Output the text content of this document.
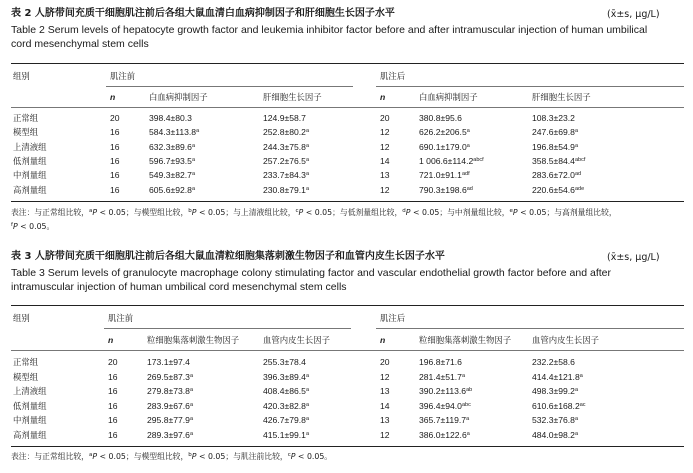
表 2 人脐带间充质干细胞肌注前后各组大鼠血清白血病抑制因子和肝细胞生长因子水平	(x̄±s, μg/L)
Table 2 Serum levels of hepatocyte growth factor and leukemia inhibitor factor before and after intramuscular injection of human umbilical
cord mesenchymal stem cells
组别	肌注前	肌注后
n	白血病抑制因子	肝细胞生长因子	n	白血病抑制因子	肝细胞生长因子
正常组	20	398.4±80.3	124.9±58.7	20	380.8±95.6	108.3±23.2
模型组	16	584.3±113.8$^a$	252.8±80.2$^a$	12	626.2±206.5$^a$	247.6±69.8$^a$
上清液组	16	632.3±89.6$^a$	244.3±75.8$^a$	12	690.1±179.0$^a$	196.8±54.9$^a$
低剂量组	16	596.7±93.5$^a$	257.2±76.5$^a$	14	1 $006.6\pm 114.2^{abcf}$	$358.5\pm 84.4^{abcf}$
中剂量组	16	549.3±82.7$^a$	233.7±84.3$^a$	13	721.0±91.1$^{adf}$	283.6±72.0$^{ad}$
高剂量组	16	605.6±92.8$^a$	230.8±79.1$^a$	12	790.3±198.6$^{ad}$	220.6±54.6$^{ade}$
表注：与正常组比较，$^a$P < 0.05；与模型组比较，$^b$P < 0.05；与上清液组比较，$^c$P < 0.05；与低剂量组比较，$^d$P < 0.05；与中剂量组比较，$^e$P < 0.05；与高剂量组比较，
$^f$P < 0.05。
表 3 人脐带间充质干细胞肌注前后各组大鼠血清粒细胞集落刺激生物因子和血管内皮生长因子水平	(x̄±s, μg/L)
Table 3 Serum levels of granulocyte macrophage colony stimulating factor and vascular endothelial growth factor before and after
intramuscular injection of human umbilical cord mesenchymal stem cells
组别	肌注前	肌注后
n	粒细胞集落刺激生物因子	血管内皮生长因子	n	粒细胞集落刺激生物因子 血管内皮生长因子
正常组	20	173.1±97.4	255.3±78.4	20	196.8±71.6	232.2±58.6
模型组	16	269.5±87.3$^a$	396.3±89.4$^a$	12	281.4±51.7$^a$	414.4±121.8$^a$
上清液组	16	279.8±73.8$^a$	408.4±86.5$^a$	13	390.2±113.6$^{ab}$	498.3±99.2$^a$
低剂量组	16	283.9±67.6$^a$	420.3±82.8$^a$	14	396.4±94.0$^{abc}$	610.6±168.2$^{ac}$
中剂量组	16	295.8±77.9$^a$	426.7±79.8$^a$	13	365.7±119.7$^a$	532.3±76.8$^a$
高剂量组	16	289.3±97.6$^a$	415.1±99.1$^a$	12	386.0±122.6$^a$	484.0±98.2$^a$
表注：与正常组比较，$^a$P < 0.05；与模型组比较，$^b$P < 0.05；与肌注前比较，$^c$P < 0.05。
